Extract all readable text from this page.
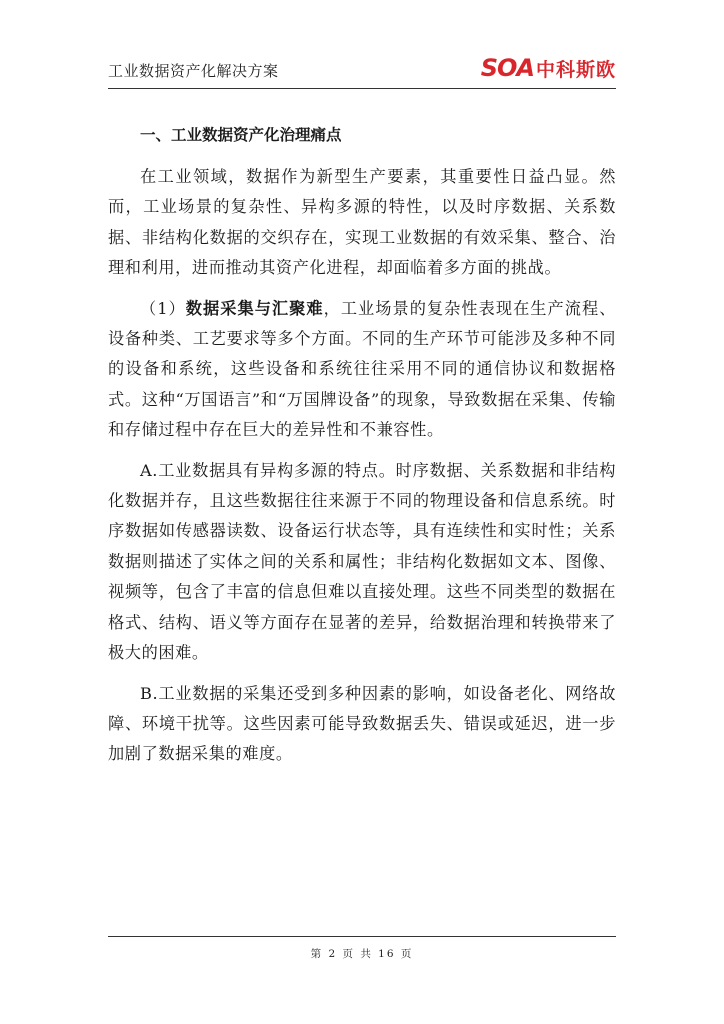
工业数据资产化解决方案	SOA 中科斯欧
一、工业数据资产化治理痛点

在工业领域，数据作为新型生产要素，其重要性日益凸显。然而，工业场景的复杂性、异构多源的特性，以及时序数据、关系数据、非结构化数据的交织存在，实现工业数据的有效采集、整合、治理和利用，进而推动其资产化进程，却面临着多方面的挑战。

（1）数据采集与汇聚难，工业场景的复杂性表现在生产流程、设备种类、工艺要求等多个方面。不同的生产环节可能涉及多种不同的设备和系统，这些设备和系统往往采用不同的通信协议和数据格式。这种“万国语言”和“万国牌设备”的现象，导致数据在采集、传输和存储过程中存在巨大的差异性和不兼容性。

A.工业数据具有异构多源的特点。时序数据、关系数据和非结构化数据并存，且这些数据往往来源于不同的物理设备和信息系统。时序数据如传感器读数、设备运行状态等，具有连续性和实时性；关系数据则描述了实体之间的关系和属性；非结构化数据如文本、图像、视频等，包含了丰富的信息但难以直接处理。这些不同类型的数据在格式、结构、语义等方面存在显著的差异，给数据治理和转换带来了极大的困难。

B.工业数据的采集还受到多种因素的影响，如设备老化、网络故障、环境干扰等。这些因素可能导致数据丢失、错误或延迟，进一步加剧了数据采集的难度。

第 2 页 共 16 页
